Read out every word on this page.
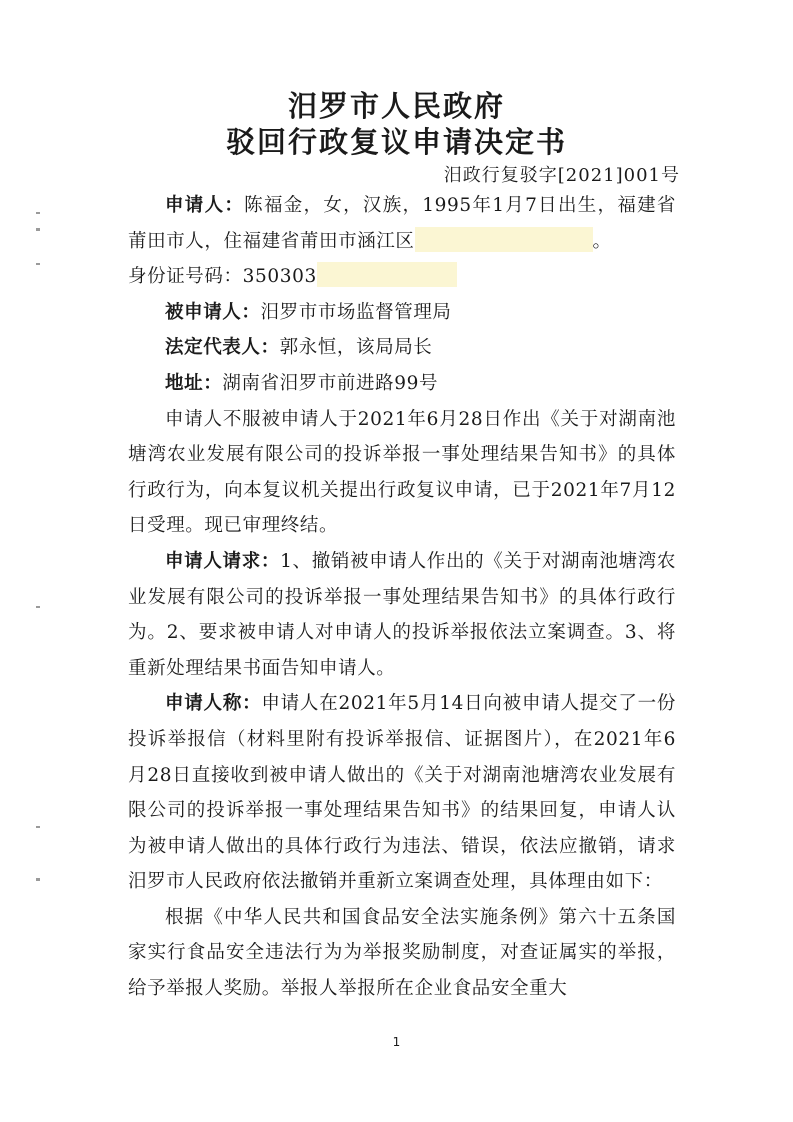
汨罗市人民政府
驳回行政复议申请决定书
汨政行复驳字[2021]001号

申请人：陈福金，女，汉族，1995年1月7日出生，福建省莆田市人，住福建省莆田市涵江区	。

身份证号码：350303

被申请人：汨罗市市场监督管理局

法定代表人：郭永恒，该局局长

地址：湖南省汨罗市前进路99号

申请人不服被申请人于2021年6月28日作出《关于对湖南池塘湾农业发展有限公司的投诉举报一事处理结果告知书》的具体行政行为，向本复议机关提出行政复议申请，已于2021年7月12日受理。现已审理终结。

申请人请求：1、撤销被申请人作出的《关于对湖南池塘湾农业发展有限公司的投诉举报一事处理结果告知书》的具体行政行为。2、要求被申请人对申请人的投诉举报依法立案调查。3、将重新处理结果书面告知申请人。

申请人称：申请人在2021年5月14日向被申请人提交了一份投诉举报信（材料里附有投诉举报信、证据图片），在2021年6月28日直接收到被申请人做出的《关于对湖南池塘湾农业发展有限公司的投诉举报一事处理结果告知书》的结果回复，申请人认为被申请人做出的具体行政行为违法、错误，依法应撤销，请求汨罗市人民政府依法撤销并重新立案调查处理，具体理由如下：

根据《中华人民共和国食品安全法实施条例》第六十五条国家实行食品安全违法行为为举报奖励制度，对查证属实的举报，给予举报人奖励。举报人举报所在企业食品安全重大

1
